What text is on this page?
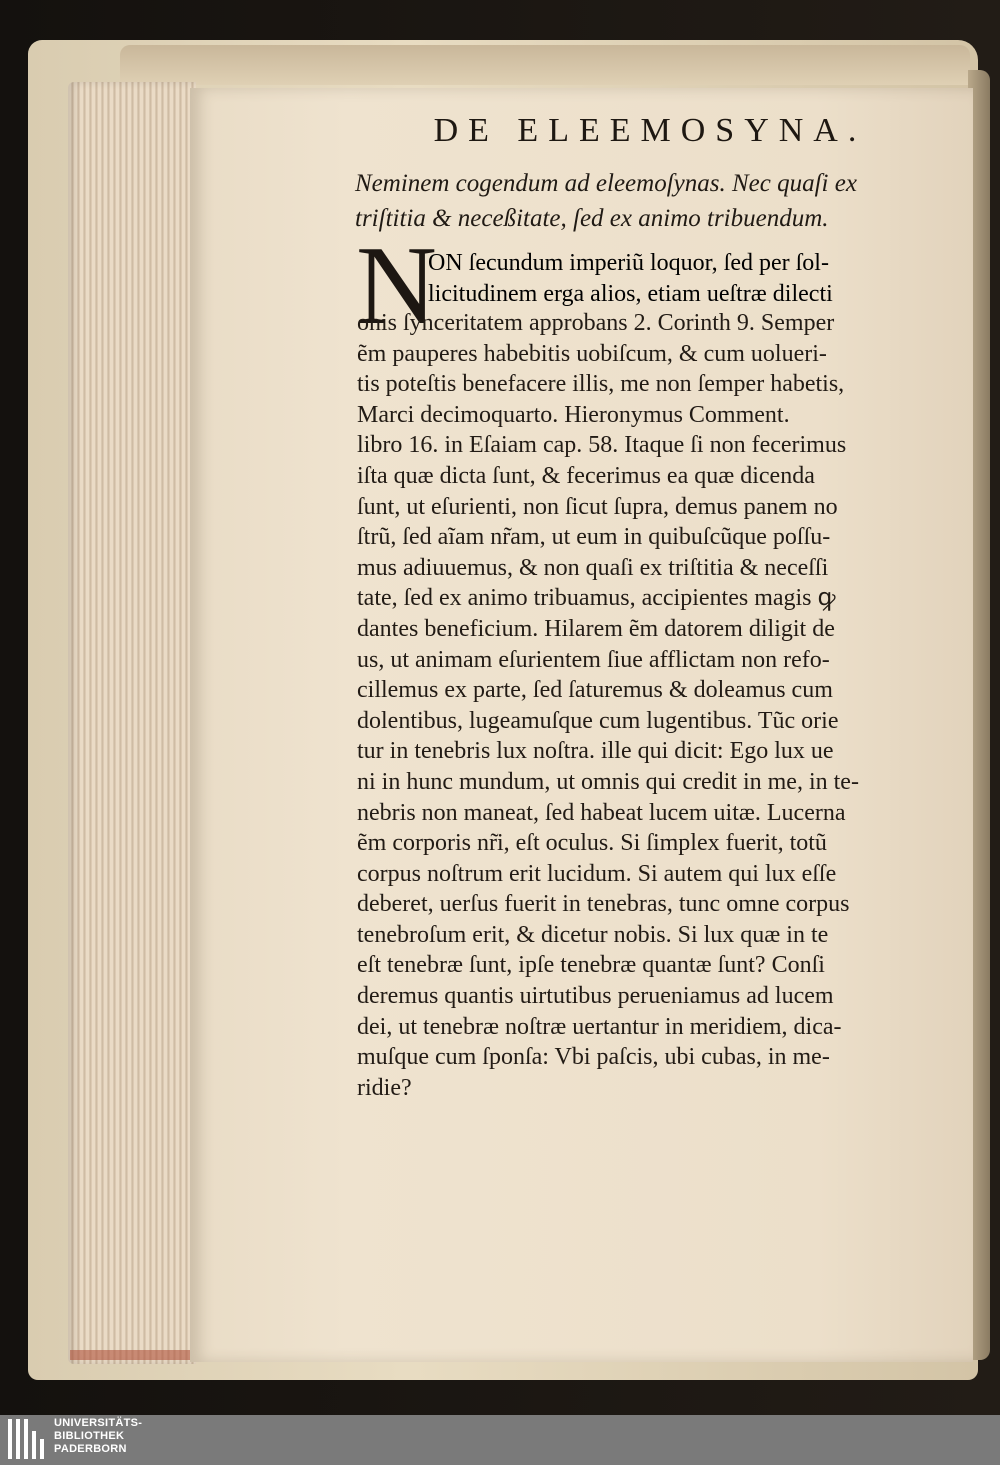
DE ELEEMOSYNA.
Neminem cogendum ad eleemoſynas. Nec quaſi ex
triſtitia & neceßitate, ſed ex animo tribuendum.
N
ON ſecundum imperiũ loquor, ſed per ſol-
licitudinem erga alios, etiam ueſtræ dilecti
onis ſynceritatem approbans 2. Corinth 9. Semper
ẽm pauperes habebitis uobiſcum, & cum uolueri-
tis poteſtis benefacere illis, me non ſemper habetis,
Marci decimoquarto. Hieronymus Comment.
libro 16. in Eſaiam cap. 58. Itaque ſi non fecerimus
iſta quæ dicta ſunt, & fecerimus ea quæ dicenda
ſunt, ut eſurienti, non ſicut ſupra, demus panem no
ſtrũ, ſed aĩam nr̃am, ut eum in quibuſcũque poſſu-
mus adiuuemus, & non quaſi ex triſtitia & neceſſi
tate, ſed ex animo tribuamus, accipientes magis ꝙ
dantes beneficium. Hilarem ẽm datorem diligit de
us, ut animam eſurientem ſiue afflictam non refo-
cillemus ex parte, ſed ſaturemus & doleamus cum
dolentibus, lugeamuſque cum lugentibus. Tũc orie
tur in tenebris lux noſtra. ille qui dicit: Ego lux ue
ni in hunc mundum, ut omnis qui credit in me, in te-
nebris non maneat, ſed habeat lucem uitæ. Lucerna
ẽm corporis nr̃i, eſt oculus. Si ſimplex fuerit, totũ
corpus noſtrum erit lucidum. Si autem qui lux eſſe
deberet, uerſus fuerit in tenebras, tunc omne corpus
tenebroſum erit, & dicetur nobis. Si lux quæ in te
eſt tenebræ ſunt, ipſe tenebræ quantæ ſunt? Conſi
deremus quantis uirtutibus perueniamus ad lucem
dei, ut tenebræ noſtræ uertantur in meridiem, dica-
muſque cum ſponſa: Vbi paſcis, ubi cubas, in me-
ridie?
UNIVERSITÄTS-
BIBLIOTHEK
PADERBORN
